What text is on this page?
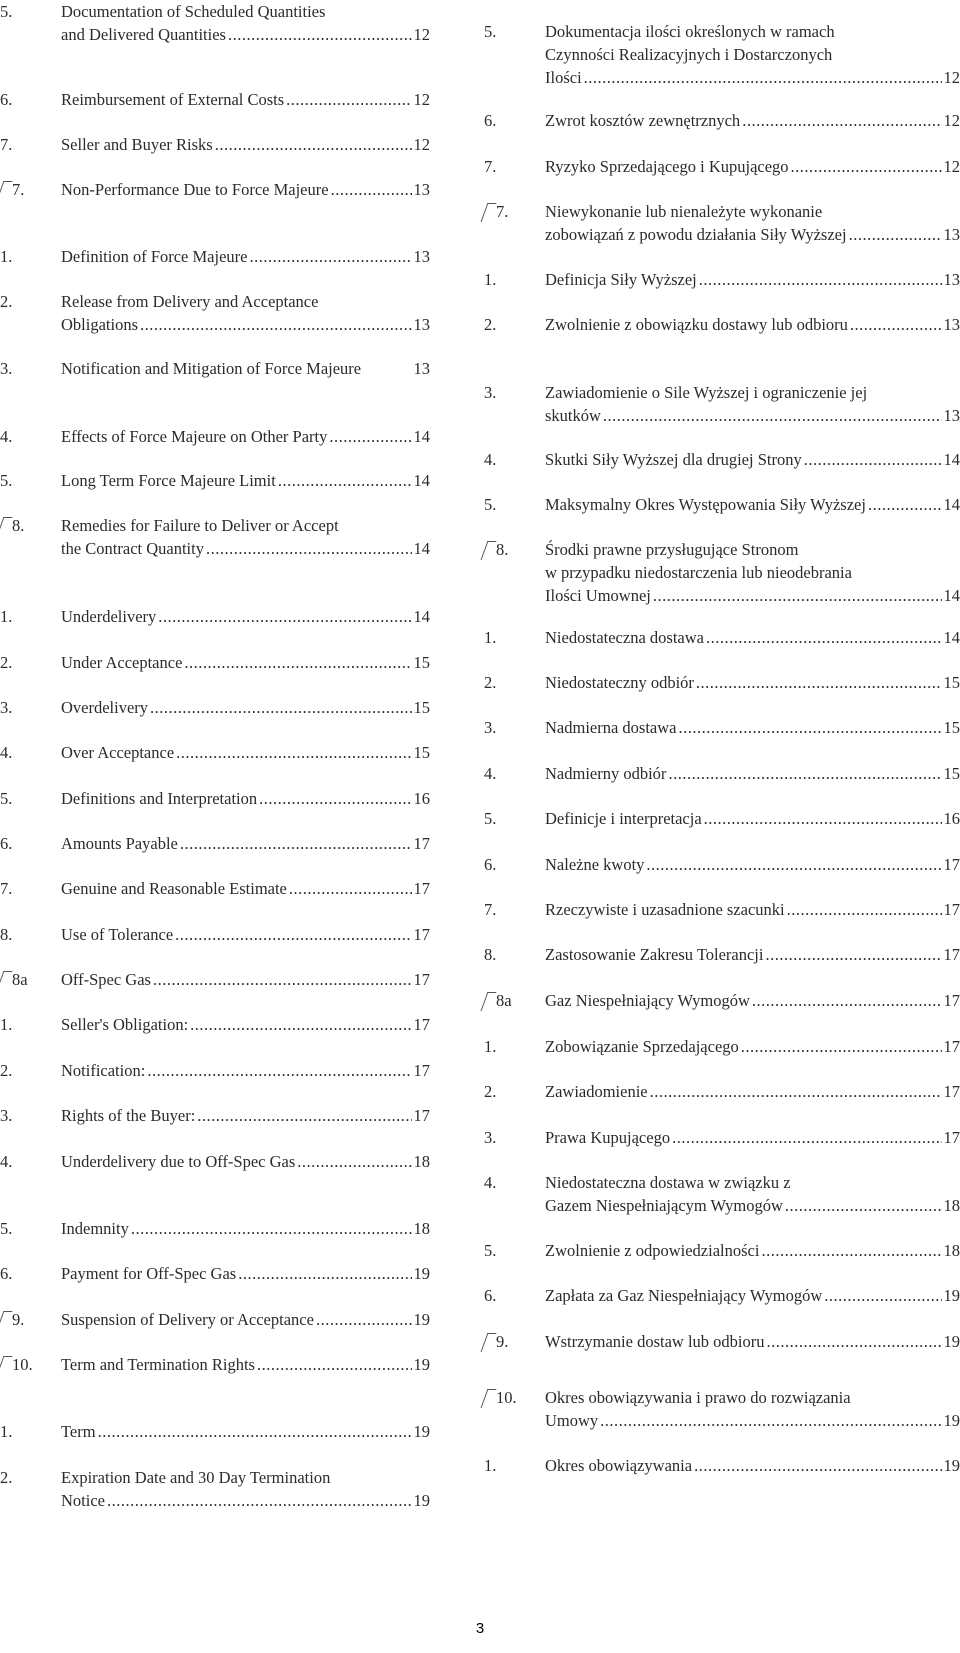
5.	Documentation of Scheduled Quantities
and Delivered Quantities .....	12
6.	Reimbursement of External Costs .....	12
7.	Seller and Buyer Risks .....	12
7. Non-Performance Due to Force Majeure .....	13
1.	Definition of Force Majeure .....	13
2.	Release from Delivery and Acceptance
Obligations .....	13
3.	Notification and Mitigation of Force Majeure	13
4.	Effects of Force Majeure on Other Party .....	14
5.	Long Term Force Majeure Limit .....	14
8. Remedies for Failure to Deliver or Accept
the Contract Quantity .....	14
1.	Underdelivery .....	14
2.	Under Acceptance .....	15
3.	Overdelivery .....	15
4.	Over Acceptance .....	15
5.	Definitions and Interpretation .....	16
6.	Amounts Payable .....	17
7.	Genuine and Reasonable Estimate .....	17
8.	Use of Tolerance .....	17
8a Off-Spec Gas .....	17
1.	Seller's Obligation: .....	17
2.	Notification: .....	17
3.	Rights of the Buyer: .....	17
4.	Underdelivery due to Off-Spec Gas .....	18
5.	Indemnity .....	18
6.	Payment for Off-Spec Gas .....	19
9. Suspension of Delivery or Acceptance .....	19
10. Term and Termination Rights .....	19
1.	Term .....	19
2.	Expiration Date and 30 Day Termination
Notice .....	19
5.	Dokumentacja ilości określonych w ramach
Czynności Realizacyjnych i Dostarczonych
Ilości .....	12
6.	Zwrot kosztów zewnętrznych .....	12
7.	Ryzyko Sprzedającego i Kupującego .....	12
7. Niewykonanie lub nienależyte wykonanie
zobowiązań z powodu działania Siły Wyższej .....	13
1.	Definicja Siły Wyższej .....	13
2.	Zwolnienie z obowiązku dostawy lub odbioru .....	13
3.	Zawiadomienie o Sile Wyższej i ograniczenie jej
skutków .....	13
4.	Skutki Siły Wyższej dla drugiej Strony .....	14
5.	Maksymalny Okres Występowania Siły Wyższej .....	14
8. Środki prawne przysługujące Stronom
w przypadku niedostarczenia lub nieodebrania
Ilości Umownej .....	14
1.	Niedostateczna dostawa .....	14
2.	Niedostateczny odbiór .....	15
3.	Nadmierna dostawa .....	15
4.	Nadmierny odbiór .....	15
5.	Definicje i interpretacja .....	16
6.	Należne kwoty .....	17
7.	Rzeczywiste i uzasadnione szacunki .....	17
8.	Zastosowanie Zakresu Tolerancji .....	17
8a Gaz Niespełniający Wymogów .....	17
1.	Zobowiązanie Sprzedającego .....	17
2.	Zawiadomienie .....	17
3.	Prawa Kupującego .....	17
4.	Niedostateczna dostawa w związku z
Gazem Niespełniającym Wymogów .....	18
5.	Zwolnienie z odpowiedzialności .....	18
6.	Zapłata za Gaz Niespełniający Wymogów .....	19
9. Wstrzymanie dostaw lub odbioru .....	19
10. Okres obowiązywania i prawo do rozwiązania
Umowy .....	19
1.	Okres obowiązywania .....	19
3
